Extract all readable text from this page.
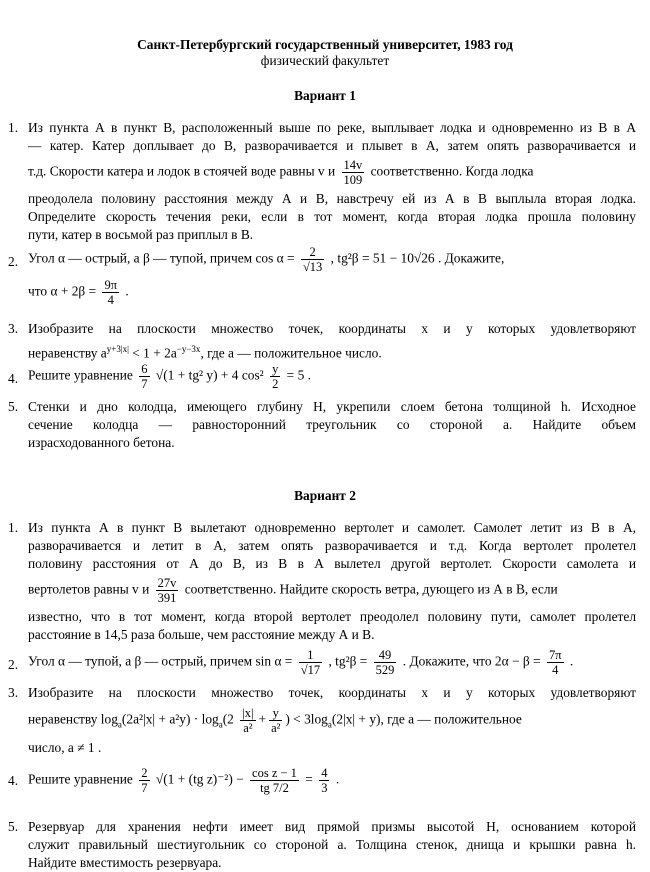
Санкт-Петербургский государственный университет, 1983 год
физический факультет
Вариант 1
1. Из пункта А в пункт В, расположенный выше по реке, выплывает лодка и одновременно из В в А
— катер. Катер доплывает до В, разворачивается и плывет в А, затем опять разворачивается и
т.д. Скорости катера и лодок в стоячей воде равны v и $\frac{14v}{109}$ соответственно. Когда лодка
преодолела половину расстояния между А и В, навстречу ей из А в В выплыла вторая лодка.
Определите скорость течения реки, если в тот момент, когда вторая лодка прошла половину
пути, катер в восьмой раз приплыл в В.
2. Угол α — острый, а β — тупой, причем $\cos \alpha = \frac{2}{√13}$ , tg²β = 51 − 10√26 . Докажите,
что $\alpha + 2\beta = \frac{9\pi}{4}$ .
3. Изобразите на плоскости множество точек, координаты x и y которых удовлетворяют
неравенству $a^{y+3|x|} < 1 + 2a^{-y-3x}$, где a — положительное число.
4. Решите уравнение $\frac{6}{7} √(1 + tg^2$ y) + 4 $\cos^2 \frac{y}{2} = 5$ .
5. Стенки и дно колодца, имеющего глубину H, укрепили слоем бетона толщиной h. Исходное
сечение колодца — равносторонний треугольник со стороной a. Найдите объем
израсходованного бетона.
Вариант 2
1. Из пункта А в пункт В вылетают одновременно вертолет и самолет. Самолет летит из В в А,
разворачивается и летит в А, затем опять разворачивается и т.д. Когда вертолет пролетел
половину расстояния от А до В, из В в А вылетел другой вертолет. Скорости самолета и
вертолетов равны v и $\frac{27v}{391}$ соответственно. Найдите скорость ветра, дующего из А в В, если
известно, что в тот момент, когда второй вертолет преодолел половину пути, самолет пролетел
расстояние в 14,5 раза больше, чем расстояние между А и В.
2. Угол α — тупой, а β — острый, причем $\sin \alpha = \frac{1}{√17}$ , $tg^2\beta = \frac{49}{529}$ . Докажите, что $2\alpha - \beta = \frac{7\pi}{4}$ .
3. Изобразите на плоскости множество точек, координаты x и y которых удовлетворяют
неравенству $\log_a(2a^2|x| + a^2y) \cdot \log_a(2 \frac{|x|}{\text{a²}} + \frac{y}{\text{a²}}$ ) < $3\log_a(2|x| + y)$, где a — положительное
число, a ≠ 1 .
4. Решите уравнение $\frac{2}{7} √(1 + (tg$ $z)^{-2}) - \frac{\text{cos z − 1}}{tg 7/2} = \frac{4}{3}$ .
5. Резервуар для хранения нефти имеет вид прямой призмы высотой H, основанием которой
служит правильный шестиугольник со стороной a. Толщина стенок, днища и крышки равна h.
Найдите вместимость резервуара.
